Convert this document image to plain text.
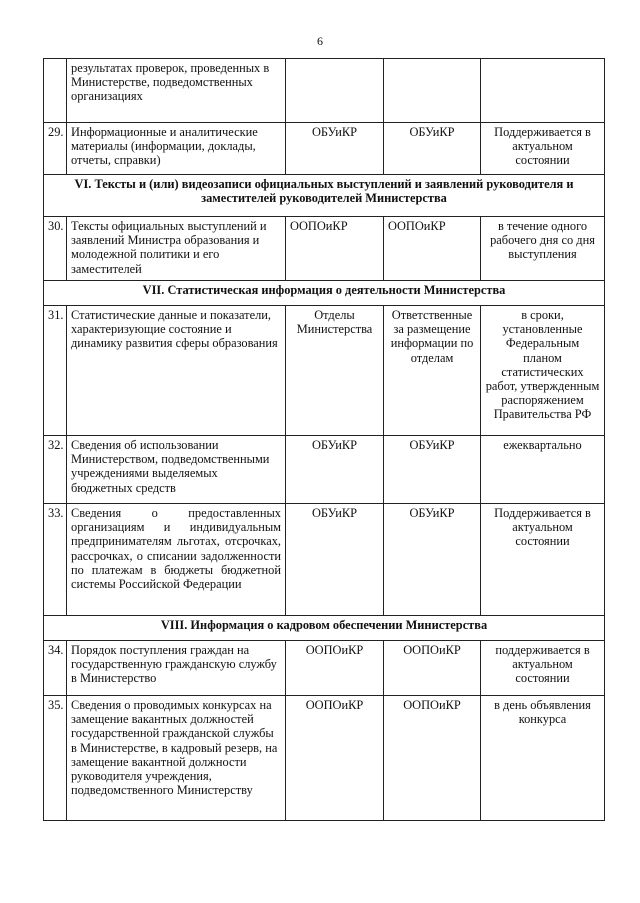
6
	результатах проверок, проведенных в Министерстве, подведомственных организациях			
29.	Информационные и аналитические материалы (информации, доклады, отчеты, справки)	ОБУиКР	ОБУиКР	Поддерживается в актуальном состоянии
VI. Тексты и (или) видеозаписи официальных выступлений и заявлений руководителя и заместителей руководителей Министерства				
30.	Тексты официальных выступлений и заявлений Министра образования и молодежной политики и его заместителей	ООПОиКР	ООПОиКР	в течение одного рабочего дня со дня выступления
VII. Статистическая информация о деятельности Министерства				
31.	Статистические данные и показатели, характеризующие состояние и динамику развития сферы образования	Отделы Министерства	Ответственные за размещение информации по отделам	в сроки, установленные Федеральным планом статистических работ, утвержденным распоряжением Правительства РФ
32.	Сведения об использовании Министерством, подведомственными учреждениями выделяемых бюджетных средств	ОБУиКР	ОБУиКР	ежеквартально
33.	Сведения о предоставленных организациям и индивидуальным предпринимателям льготах, отсрочках, рассрочках, о списании задолженности по платежам в бюджеты бюджетной системы Российской Федерации	ОБУиКР	ОБУиКР	Поддерживается в актуальном состоянии
VIII. Информация о кадровом обеспечении Министерства				
34.	Порядок поступления граждан на государственную гражданскую службу в Министерство	ООПОиКР	ООПОиКР	поддерживается в актуальном состоянии
35.	Сведения о проводимых конкурсах на замещение вакантных должностей государственной гражданской службы в Министерстве, в кадровый резерв, на замещение вакантной должности руководителя учреждения, подведомственного Министерству	ООПОиКР	ООПОиКР	в день объявления конкурса
